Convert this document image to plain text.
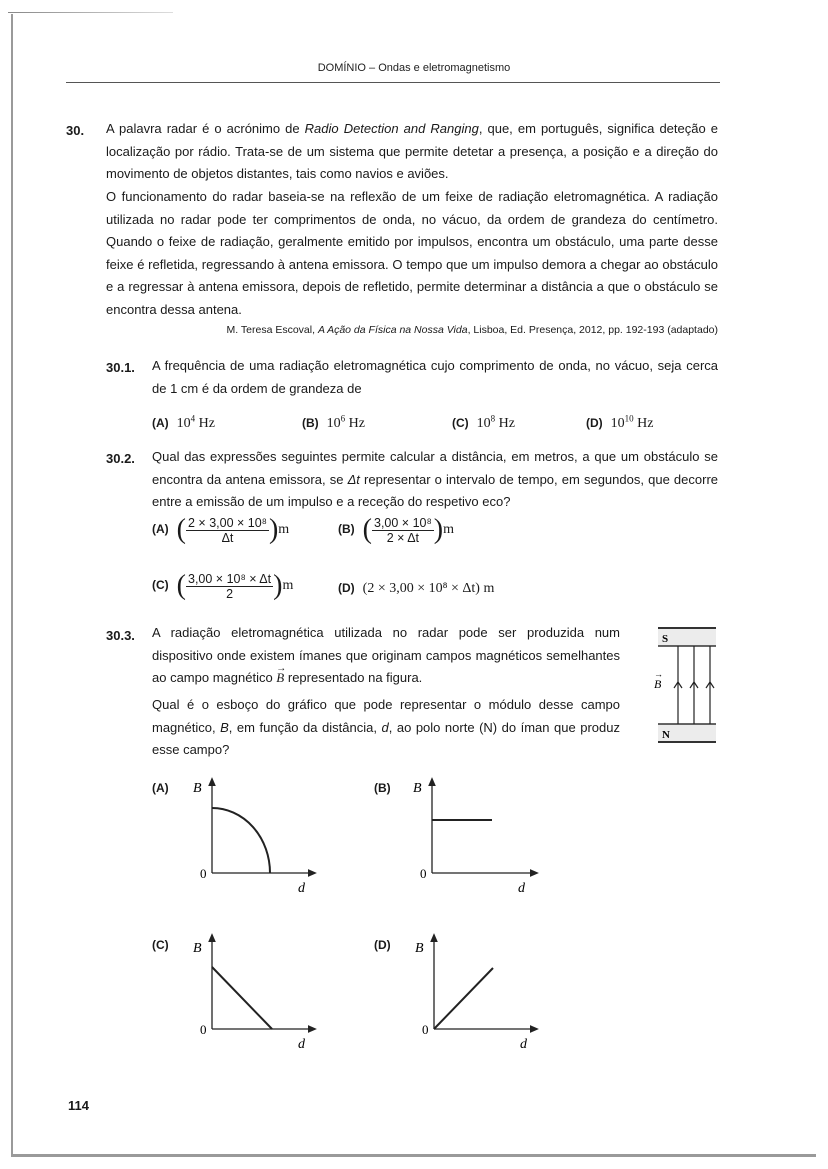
DOMÍNIO – Ondas e eletromagnetismo
30. A palavra radar é o acrónimo de Radio Detection and Ranging, que, em português, significa deteção e localização por rádio. Trata-se de um sistema que permite detetar a presença, a posição e a direção do movimento de objetos distantes, tais como navios e aviões.
O funcionamento do radar baseia-se na reflexão de um feixe de radiação eletromagnética. A radiação utilizada no radar pode ter comprimentos de onda, no vácuo, da ordem de grandeza do centímetro. Quando o feixe de radiação, geralmente emitido por impulsos, encontra um obstáculo, uma parte desse feixe é refletida, regressando à antena emissora. O tempo que um impulso demora a chegar ao obstáculo e a regressar à antena emissora, depois de refletido, permite determinar a distância a que o obstáculo se encontra dessa antena.
M. Teresa Escoval, A Ação da Física na Nossa Vida, Lisboa, Ed. Presença, 2012, pp. 192-193 (adaptado)
30.1. A frequência de uma radiação eletromagnética cujo comprimento de onda, no vácuo, seja cerca de 1 cm é da ordem de grandeza de
(A) $10^4$ Hz	(B) $10^6$ Hz	(C) $10^8$ Hz	(D) $10^{10}$ Hz
30.2. Qual das expressões seguintes permite calcular a distância, em metros, a que um obstáculo se encontra da antena emissora, se Δt representar o intervalo de tempo, em segundos, que decorre entre a emissão de um impulso e a receção do respetivo eco?
(A) ( $\frac{\text{2 × 3,00 × 10⁸}}{\Delta t} )m$	(B) ( $\frac{\text{3,00 × 10⁸}}{2 \times \Delta t} )m$
(C) ( $\frac{\text{3,00 × 10⁸ × Δt}}{2} )m$	(D) (2 × 3,00 × 10⁸ × Δt) m
30.3. A radiação eletromagnética utilizada no radar pode ser produzida num dispositivo onde existem ímanes que originam campos magnéticos semelhantes ao campo magnético
→
B representado na figura.
Qual é o esboço do gráfico que pode representar o módulo desse campo magnético, B, em função da distância, d, ao polo norte (N) do íman que produz esse campo?
S
N
B
→
(A)	(B)
(C)	(D)
B
0
d
B
0
d
B
0
d
B
0
d
114
